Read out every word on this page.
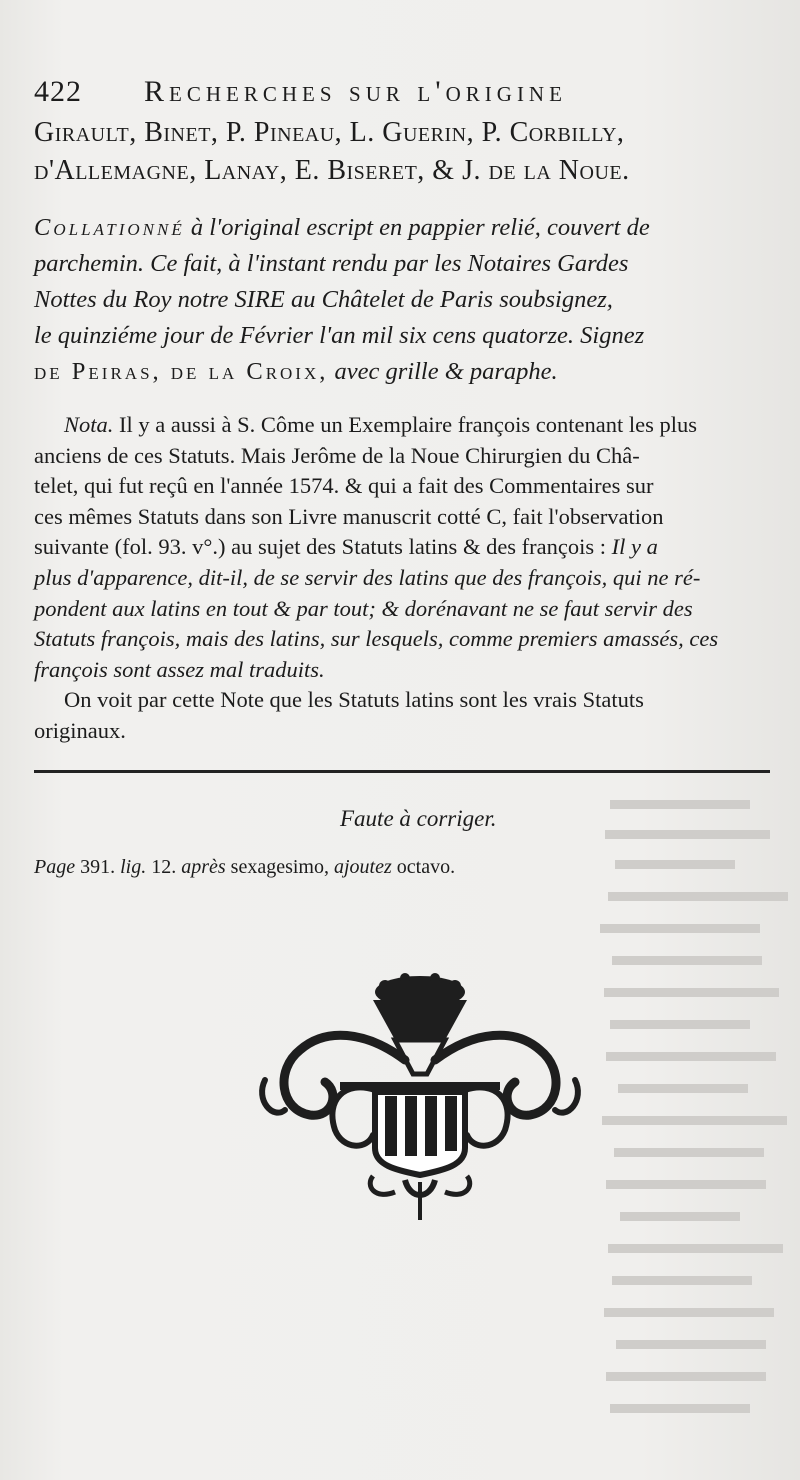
422 Recherches sur l'origine

Girault, Binet, P. Pineau, L. Guerin, P. Corbilly,

d'Allemagne, Lanay, E. Biseret, & J. de la Noue.

Collationné à l'original escript en pappier relié, couvert de

parchemin. Ce fait, à l'instant rendu par les Notaires Gardes

Nottes du Roy notre SIRE au Châtelet de Paris soubsignez,

le quinziéme jour de Février l'an mil six cens quatorze. Signez

de Peiras, de la Croix, avec grille & paraphe.

Nota. Il y a aussi à S. Côme un Exemplaire françois contenant les plus

anciens de ces Statuts. Mais Jerôme de la Noue Chirurgien du Châ-

telet, qui fut reçû en l'année 1574. & qui a fait des Commentaires sur

ces mêmes Statuts dans son Livre manuscrit cotté C, fait l'observation

suivante (fol. 93. v°.) au sujet des Statuts latins & des françois : Il y a

plus d'apparence, dit-il, de se servir des latins que des françois, qui ne ré-

pondent aux latins en tout & par tout; & dorénavant ne se faut servir des

Statuts françois, mais des latins, sur lesquels, comme premiers amassés, ces

françois sont assez mal traduits.

On voit par cette Note que les Statuts latins sont les vrais Statuts

originaux.

Faute à corriger.
Page 391. lig. 12. après sexagesimo, ajoutez octavo.
